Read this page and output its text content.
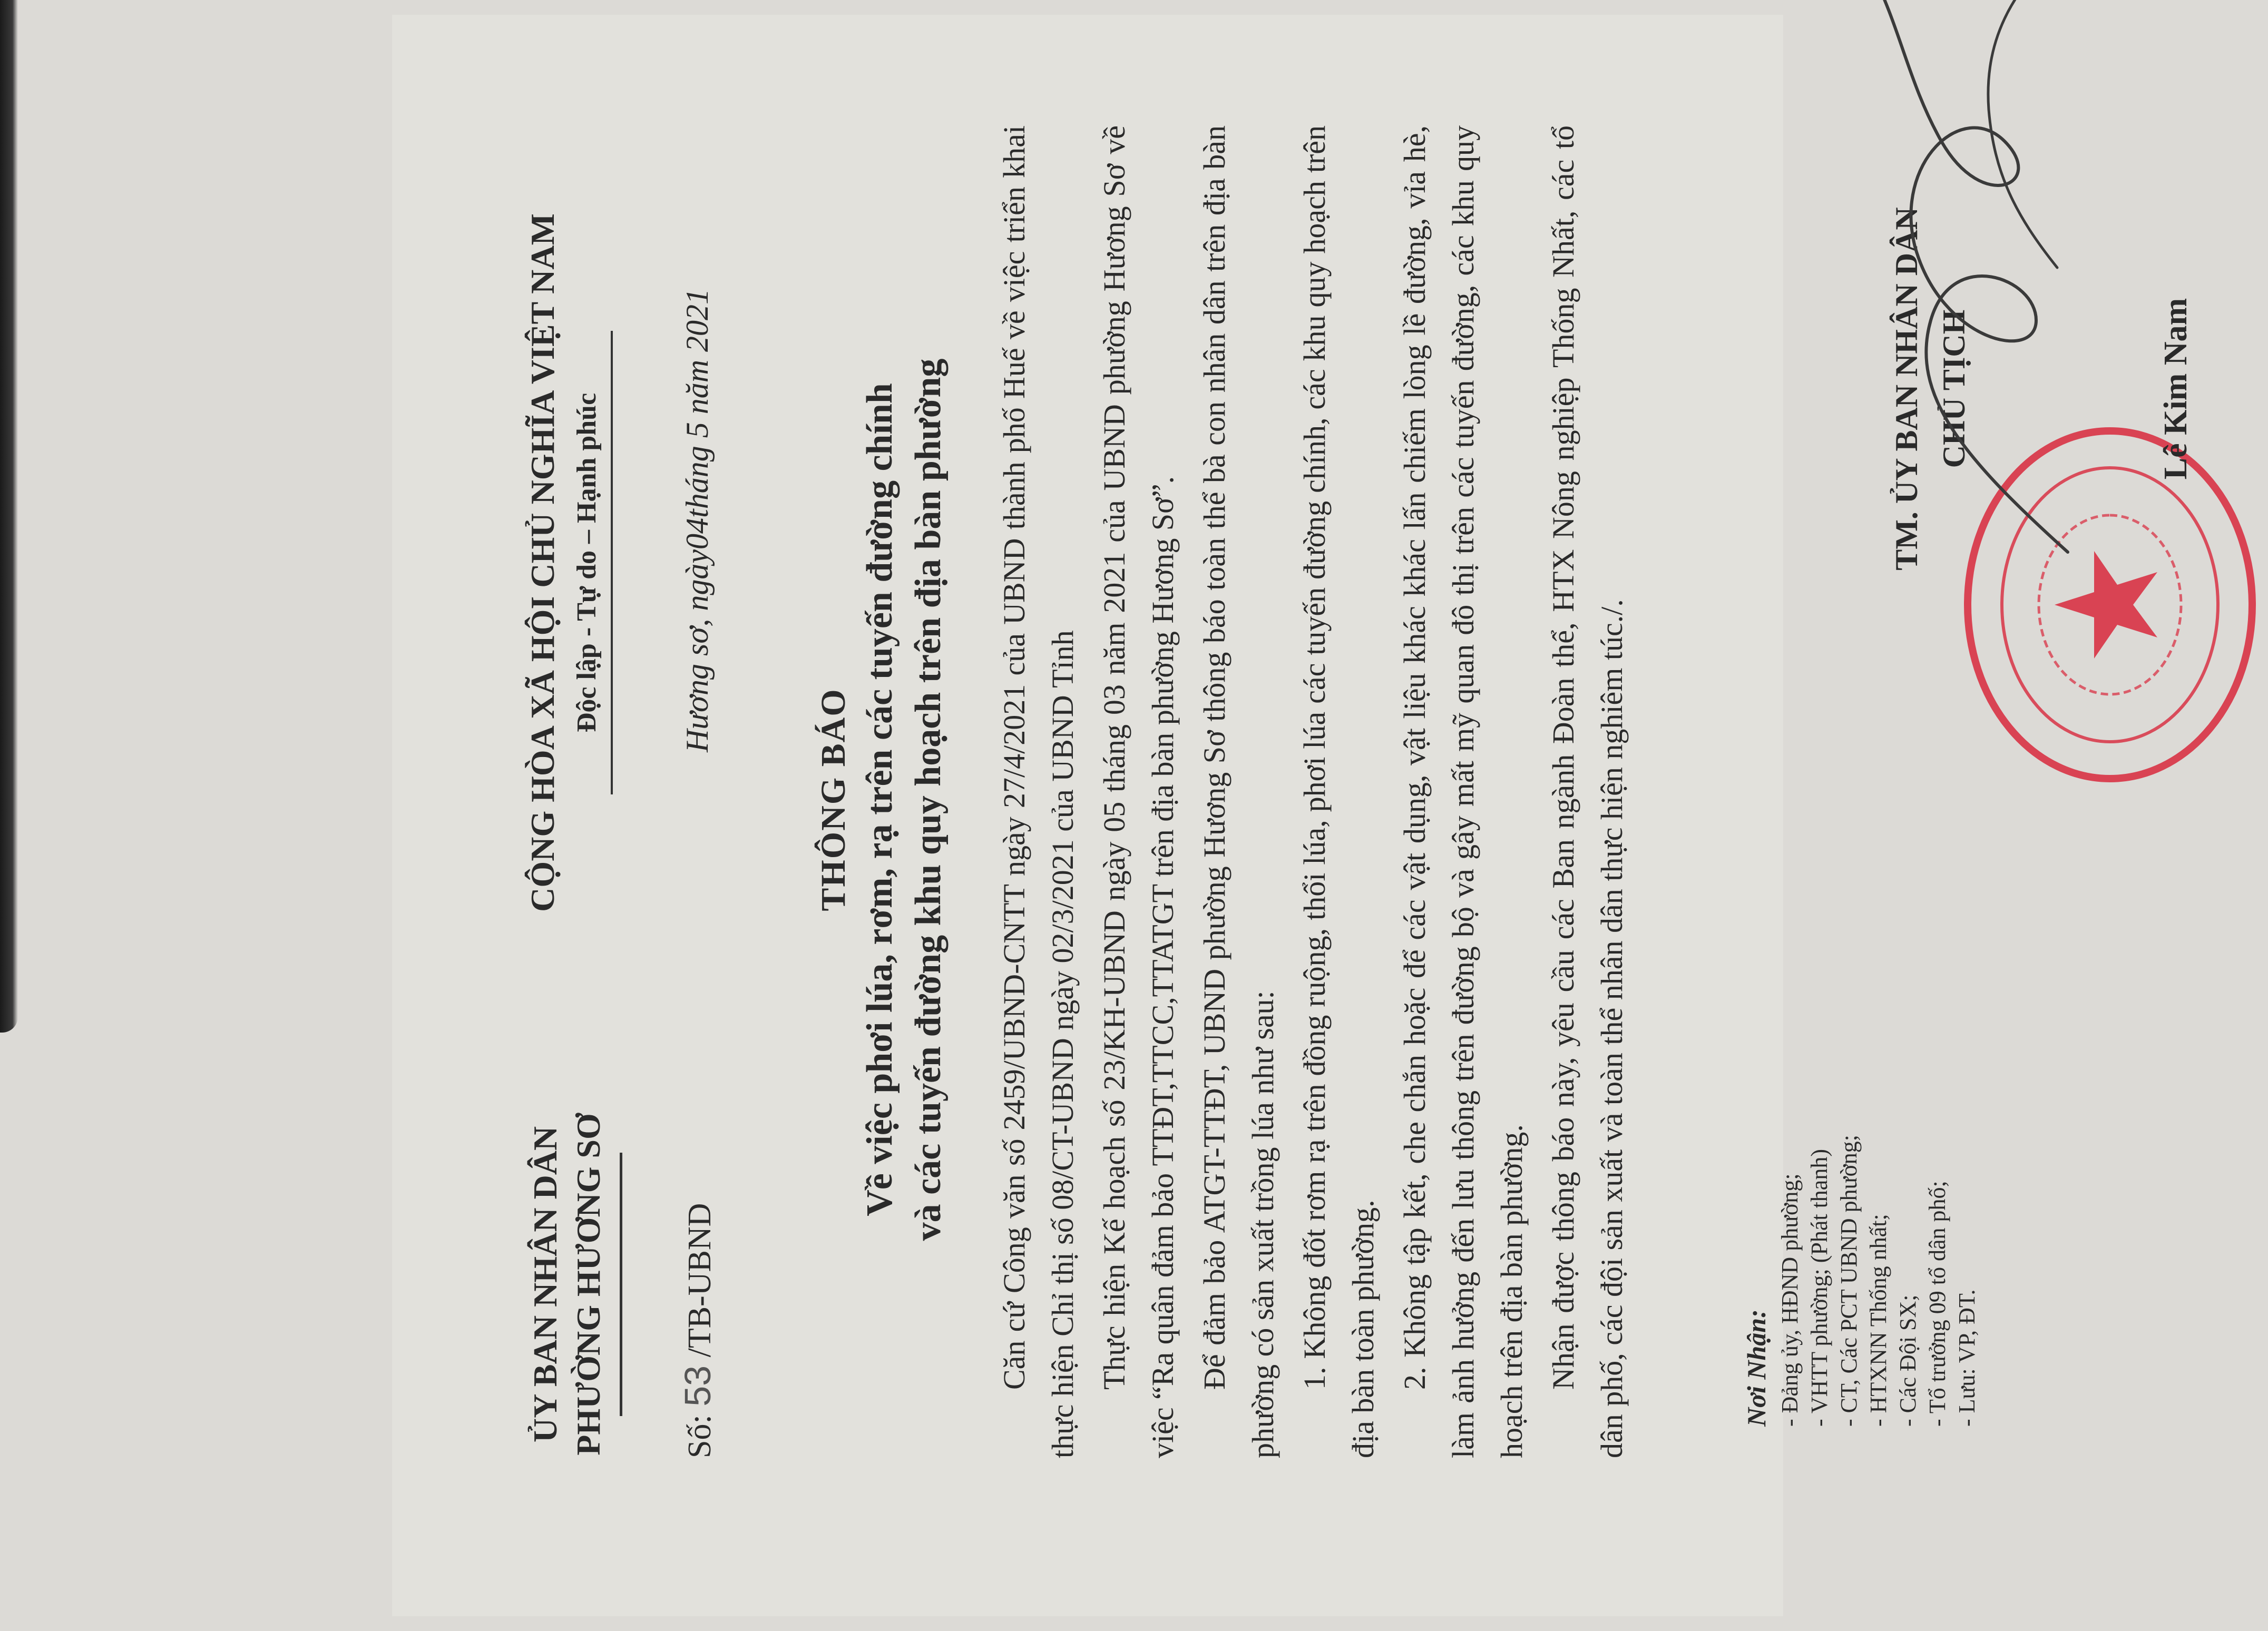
ỦY BAN NHÂN DÂN PHƯỜNG HƯƠNG SƠ
CỘNG HÒA XÃ HỘI CHỦ NGHĨA VIỆT NAM Độc lập - Tự do – Hạnh phúc
Số: 53 /TB-UBND
Hương sơ, ngày04tháng 5 năm 2021
THÔNG BÁO Về việc phơi lúa, rơm, rạ trên các tuyến đường chính và các tuyến đường khu quy hoạch trên địa bàn phường Căn cứ Công văn số 2459/UBND-CNTT ngày 27/4/2021 của UBND thành phố Huế về việc triển khai thực hiện Chỉ thị số 08/CT-UBND ngày 02/3/2021 của UBND Tỉnh Thực hiện Kế hoạch số 23/KH-UBND ngày 05 tháng 03 năm 2021 của UBND phường Hương Sơ về việc “Ra quân đảm bảo TTĐT,TTCC,TTATGT trên địa bàn phường Hương Sơ”. Để đảm bảo ATGT-TTĐT, UBND phường Hương Sơ thông báo toàn thể bà con nhân dân trên địa bàn phường có sản xuất trồng lúa như sau: 1. Không đốt rơm rạ trên đồng ruộng, thổi lúa, phơi lúa các tuyến đường chính, các khu quy hoạch trên địa bàn toàn phường. 2. Không tập kết, che chắn hoặc để các vật dụng, vật liệu khác khác lấn chiếm lòng lề đường, vỉa hè, làm ảnh hưởng đến lưu thông trên đường bộ và gây mất mỹ quan đô thị trên các tuyến đường, các khu quy hoạch trên địa bàn phường. Nhận được thông báo này, yêu cầu các Ban ngành Đoàn thể, HTX Nông nghiệp Thống Nhất, các tổ dân phố, các đội sản xuất và toàn thể nhân dân thực hiện nghiêm túc./.	Nơi Nhận: - Đảng ủy, HĐND phường; - VHTT phường; (Phát thanh) - CT, Các PCT UBND phường; - HTXNN Thống nhất; - Các Đội SX; - Tổ trưởng 09 tổ dân phố; - Lưu: VP, ĐT.
TM. ỦY BAN NHÂN DÂN CHỦ TỊCH	Lê Kim Nam
